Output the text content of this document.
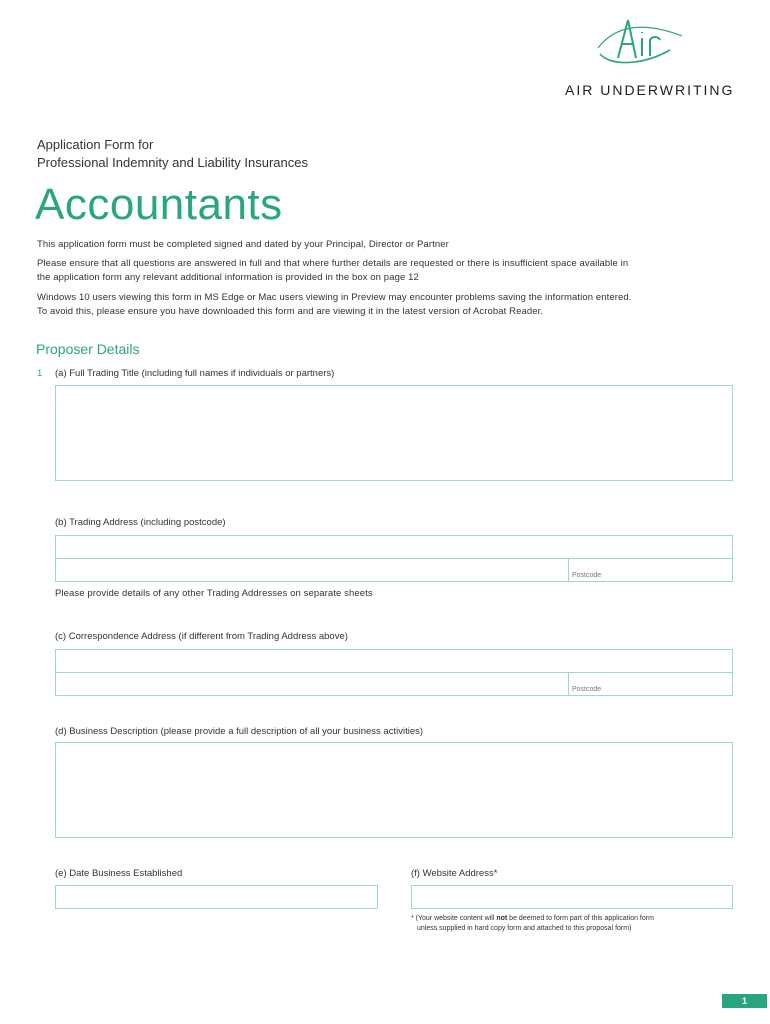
AIR UNDERWRITING
Application Form for
Professional Indemnity and Liability Insurances
Accountants
This application form must be completed signed and dated by your Principal, Director or Partner
Please ensure that all questions are answered in full and that where further details are requested or there is insufficient space available in
the application form any relevant additional information is provided in the box on page 12
Windows 10 users viewing this form in MS Edge or Mac users viewing in Preview may encounter problems saving the information entered.
To avoid this, please ensure you have downloaded this form and are viewing it in the latest version of Acrobat Reader.
Proposer Details
1 (a) Full Trading Title (including full names if individuals or partners)
(b) Trading Address (including postcode)
Postcode
Please provide details of any other Trading Addresses on separate sheets
(c) Correspondence Address (if different from Trading Address above)
Postcode
(d) Business Description (please provide a full description of all your business activities)
(e) Date Business Established	(f) Website Address*
* (Your website content will not be deemed to form part of this application form
unless supplied in hard copy form and attached to this proposal form)
1
